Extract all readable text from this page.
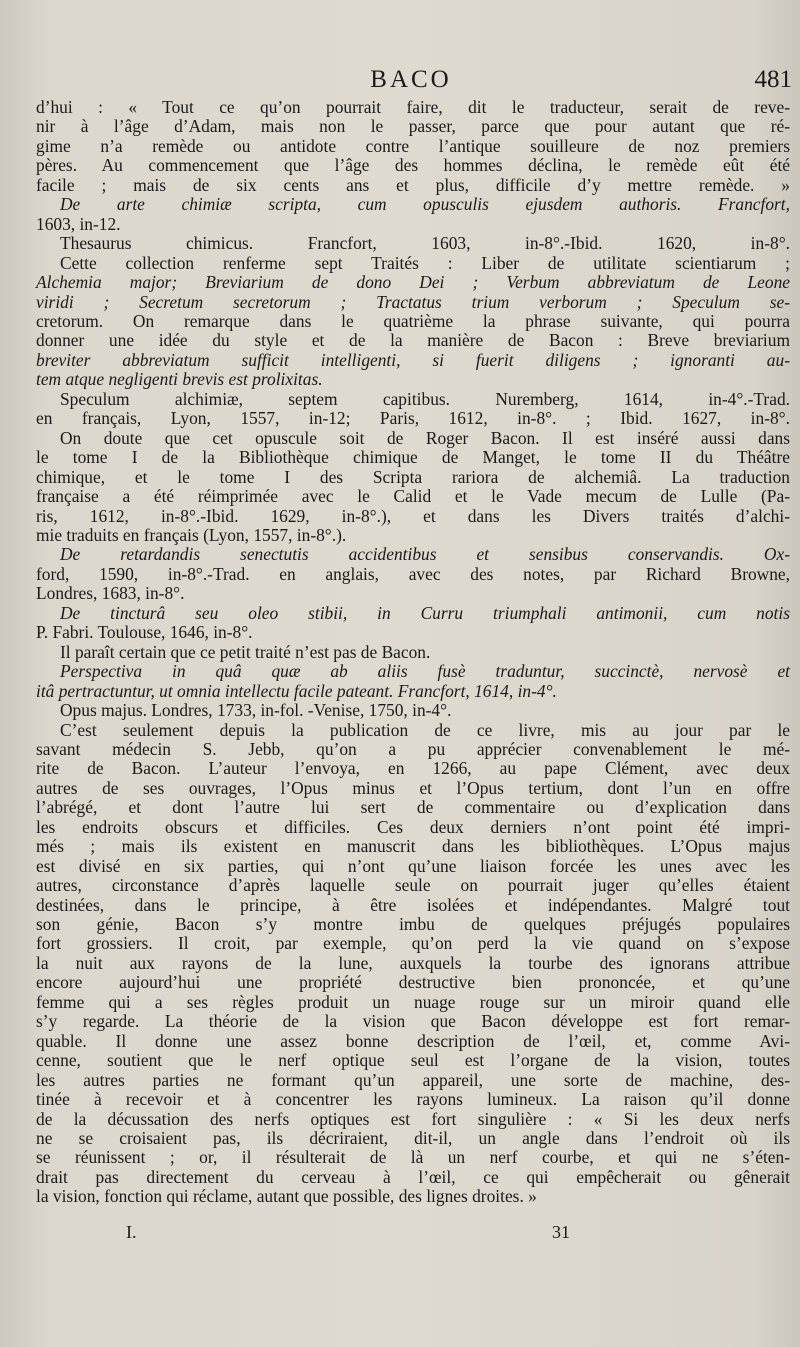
BACO	481

d’hui : « Tout ce qu’on pourrait faire, dit le traducteur, serait de reve-

nir à l’âge d’Adam, mais non le passer, parce que pour autant que ré-

gime n’a remède ou antidote contre l’antique souilleure de noz premiers

pères. Au commencement que l’âge des hommes déclina, le remède eût été

facile ; mais de six cents ans et plus, difficile d’y mettre remède. »

De arte chimiæ scripta, cum opusculis ejusdem authoris. Francfort,

1603, in-12.

Thesaurus chimicus. Francfort, 1603, in-8°.-Ibid. 1620, in-8°.

Cette collection renferme sept Traités : Liber de utilitate scientiarum ;

Alchemia major; Breviarium de dono Dei ; Verbum abbreviatum de Leone

viridi ; Secretum secretorum ; Tractatus trium verborum ; Speculum se-

cretorum. On remarque dans le quatrième la phrase suivante, qui pourra

donner une idée du style et de la manière de Bacon : Breve breviarium

breviter abbreviatum sufficit intelligenti, si fuerit diligens ; ignoranti au-

tem atque negligenti brevis est prolixitas.

Speculum alchimiæ, septem capitibus. Nuremberg, 1614, in-4°.-Trad.

en français, Lyon, 1557, in-12; Paris, 1612, in-8°. ; Ibid. 1627, in-8°.

On doute que cet opuscule soit de Roger Bacon. Il est inséré aussi dans

le tome I de la Bibliothèque chimique de Manget, le tome II du Théâtre

chimique, et le tome I des Scripta rariora de alchemiâ. La traduction

française a été réimprimée avec le Calid et le Vade mecum de Lulle (Pa-

ris, 1612, in-8°.-Ibid. 1629, in-8°.), et dans les Divers traités d’alchi-

mie traduits en français (Lyon, 1557, in-8°.).

De retardandis senectutis accidentibus et sensibus conservandis. Ox-

ford, 1590, in-8°.-Trad. en anglais, avec des notes, par Richard Browne,

Londres, 1683, in-8°.

De tincturâ seu oleo stibii, in Curru triumphali antimonii, cum notis

P. Fabri. Toulouse, 1646, in-8°.

Il paraît certain que ce petit traité n’est pas de Bacon.

Perspectiva in quâ quæ ab aliis fusè traduntur, succinctè, nervosè et

itâ pertractuntur, ut omnia intellectu facile pateant. Francfort, 1614, in-4°.

Opus majus. Londres, 1733, in-fol. -Venise, 1750, in-4°.

C’est seulement depuis la publication de ce livre, mis au jour par le

savant médecin S. Jebb, qu’on a pu apprécier convenablement le mé-

rite de Bacon. L’auteur l’envoya, en 1266, au pape Clément, avec deux

autres de ses ouvrages, l’Opus minus et l’Opus tertium, dont l’un en offre

l’abrégé, et dont l’autre lui sert de commentaire ou d’explication dans

les endroits obscurs et difficiles. Ces deux derniers n’ont point été impri-

més ; mais ils existent en manuscrit dans les bibliothèques. L’Opus majus

est divisé en six parties, qui n’ont qu’une liaison forcée les unes avec les

autres, circonstance d’après laquelle seule on pourrait juger qu’elles étaient

destinées, dans le principe, à être isolées et indépendantes. Malgré tout

son génie, Bacon s’y montre imbu de quelques préjugés populaires

fort grossiers. Il croit, par exemple, qu’on perd la vie quand on s’expose

la nuit aux rayons de la lune, auxquels la tourbe des ignorans attribue

encore aujourd’hui une propriété destructive bien prononcée, et qu’une

femme qui a ses règles produit un nuage rouge sur un miroir quand elle

s’y regarde. La théorie de la vision que Bacon développe est fort remar-

quable. Il donne une assez bonne description de l’œil, et, comme Avi-

cenne, soutient que le nerf optique seul est l’organe de la vision, toutes

les autres parties ne formant qu’un appareil, une sorte de machine, des-

tinée à recevoir et à concentrer les rayons lumineux. La raison qu’il donne

de la décussation des nerfs optiques est fort singulière : « Si les deux nerfs

ne se croisaient pas, ils décriraient, dit-il, un angle dans l’endroit où ils

se réunissent ; or, il résulterait de là un nerf courbe, et qui ne s’éten-

drait pas directement du cerveau à l’œil, ce qui empêcherait ou gênerait

la vision, fonction qui réclame, autant que possible, des lignes droites. »

I.	31
